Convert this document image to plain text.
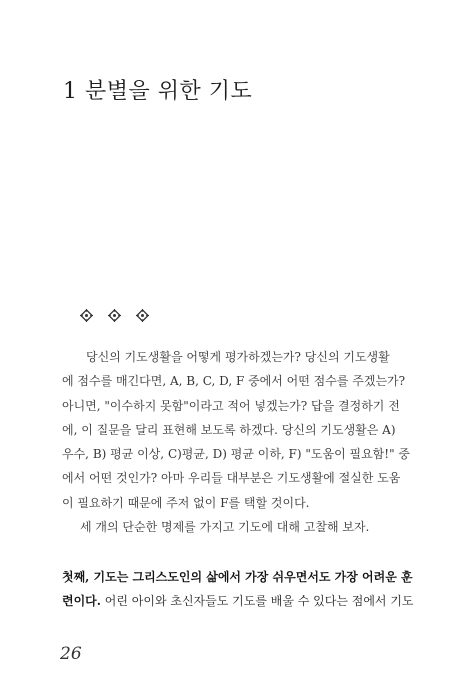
1 분별을 위한 기도
당신의 기도생활을 어떻게 평가하겠는가? 당신의 기도생활
에 점수를 매긴다면, A, B, C, D, F 중에서 어떤 점수를 주겠는가?
아니면, "이수하지 못함"이라고 적어 넣겠는가? 답을 결정하기 전
에, 이 질문을 달리 표현해 보도록 하겠다. 당신의 기도생활은 A)
우수, B) 평균 이상, C)평균, D) 평균 이하, F) "도움이 필요함!" 중
에서 어떤 것인가? 아마 우리들 대부분은 기도생활에 절실한 도움
이 필요하기 때문에 주저 없이 F를 택할 것이다.
세 개의 단순한 명제를 가지고 기도에 대해 고찰해 보자.
첫째, 기도는 그리스도인의 삶에서 가장 쉬우면서도 가장 어려운 훈
련이다. 어린 아이와 초신자들도 기도를 배울 수 있다는 점에서 기도
26
